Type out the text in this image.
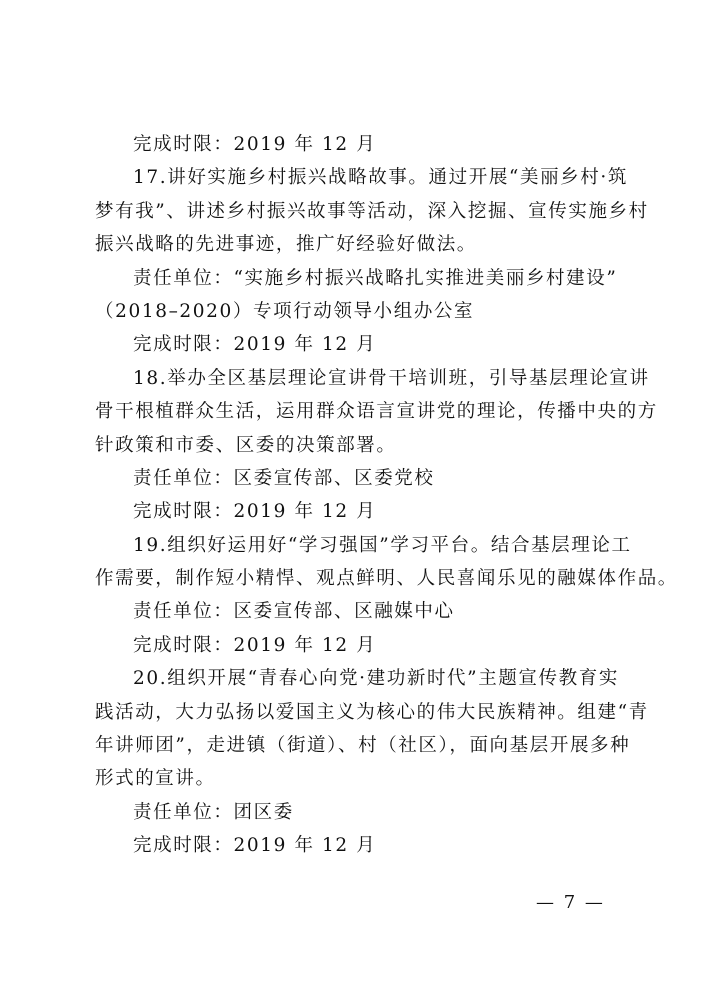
完成时限：2019 年 12 月

17.讲好实施乡村振兴战略故事。通过开展“美丽乡村·筑

梦有我”、讲述乡村振兴故事等活动，深入挖掘、宣传实施乡村

振兴战略的先进事迹，推广好经验好做法。

责任单位：“实施乡村振兴战略扎实推进美丽乡村建设”

（2018–2020）专项行动领导小组办公室

完成时限：2019 年 12 月

18.举办全区基层理论宣讲骨干培训班，引导基层理论宣讲

骨干根植群众生活，运用群众语言宣讲党的理论，传播中央的方

针政策和市委、区委的决策部署。

责任单位：区委宣传部、区委党校

完成时限：2019 年 12 月

19.组织好运用好“学习强国”学习平台。结合基层理论工

作需要，制作短小精悍、观点鲜明、人民喜闻乐见的融媒体作品。

责任单位：区委宣传部、区融媒中心

完成时限：2019 年 12 月

20.组织开展“青春心向党·建功新时代”主题宣传教育实

践活动，大力弘扬以爱国主义为核心的伟大民族精神。组建“青

年讲师团”，走进镇（街道）、村（社区），面向基层开展多种

形式的宣讲。

责任单位：团区委

完成时限：2019 年 12 月

— 7 —
